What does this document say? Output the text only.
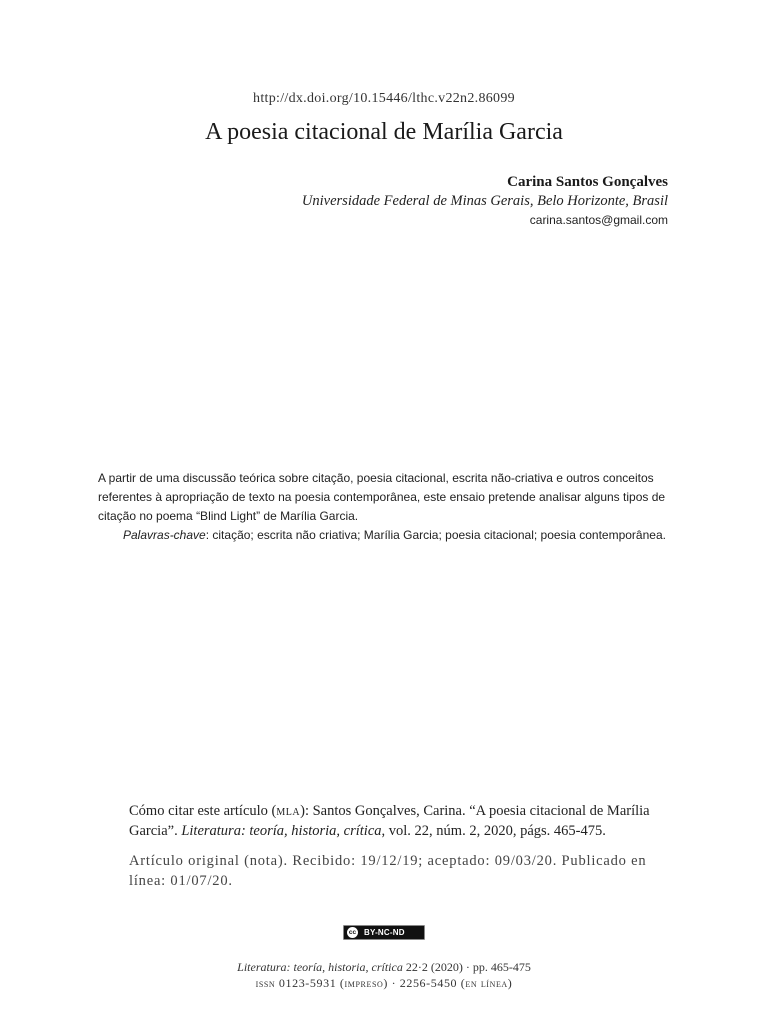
http://dx.doi.org/10.15446/lthc.v22n2.86099
A poesia citacional de Marília Garcia
Carina Santos Gonçalves
Universidade Federal de Minas Gerais, Belo Horizonte, Brasil
carina.santos@gmail.com
A partir de uma discussão teórica sobre citação, poesia citacional, escrita não-criativa e outros conceitos referentes à apropriação de texto na poesia contemporânea, este ensaio pretende analisar alguns tipos de citação no poema “Blind Light” de Marília Garcia.
Palavras-chave: citação; escrita não criativa; Marília Garcia; poesia citacional; poesia contemporânea.
Cómo citar este artículo (mla): Santos Gonçalves, Carina. “A poesia citacional de Marília Garcia”. Literatura: teoría, historia, crítica, vol. 22, núm. 2, 2020, págs. 465-475.
Artículo original (nota). Recibido: 19/12/19; aceptado: 09/03/20. Publicado en línea: 01/07/20.
cc BY-NC-ND
Literatura: teoría, historia, crítica 22·2 (2020) · pp. 465-475
issn 0123-5931 (impreso) · 2256-5450 (en línea)
